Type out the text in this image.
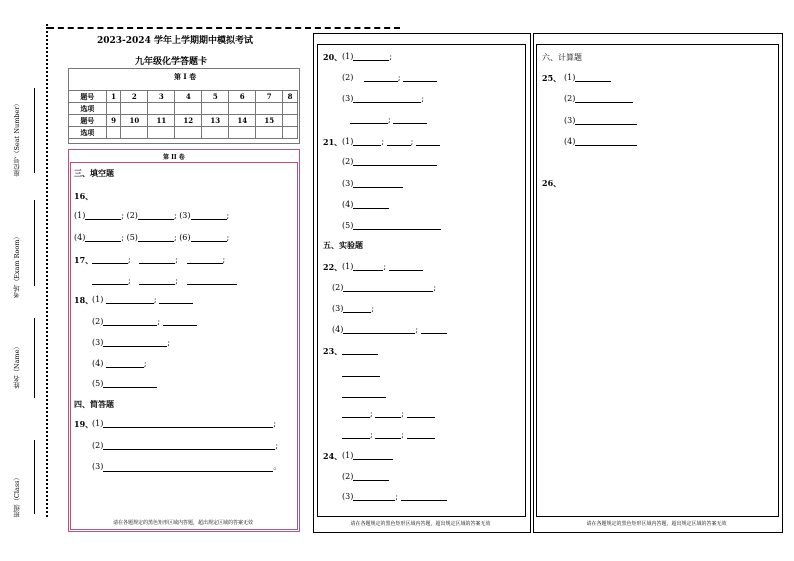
座位号（Seat Number）
考场（Exam Room）
姓名（Name）
班级（Class）
2023-2024 学年上学期期中模拟考试
九年级化学答题卡
第 I 卷
题号	1	2	3	4	5	6	7	8
选项								
题号	9	10	11	12	13	14	15	
选项								
第 II 卷
三、填空题
16、
(1)	; (2)	; (3)	;
(4)	; (5)	; (6)	;
17、	;	;	;
;	;
18、
(1)	;
(2)	;
(3)	;
(4)	;
(5)
四、简答题
19、
(1)	;
(2)	;
(3)	。
请在各题规定的黑色矩形区域内答题，超出规定区域的答案无效
20、 (1)	;
(2)	;
(3)	;
;
21、 (1)	;	;
(2)
(3)
(4)
(5)
五、实验题
22、 (1)	;
(2)	;
(3)	;
(4)	;
23、
;	;
;	;
24、 (1)
(2)
(3)	;
请在各题规定的黑色矩形区域内答题，超出规定区域的答案无效
六、计算题
25、 (1)
(2)
(3)
(4)
26、
请在各题规定的黑色矩形区域内答题，超出规定区域的答案无效
